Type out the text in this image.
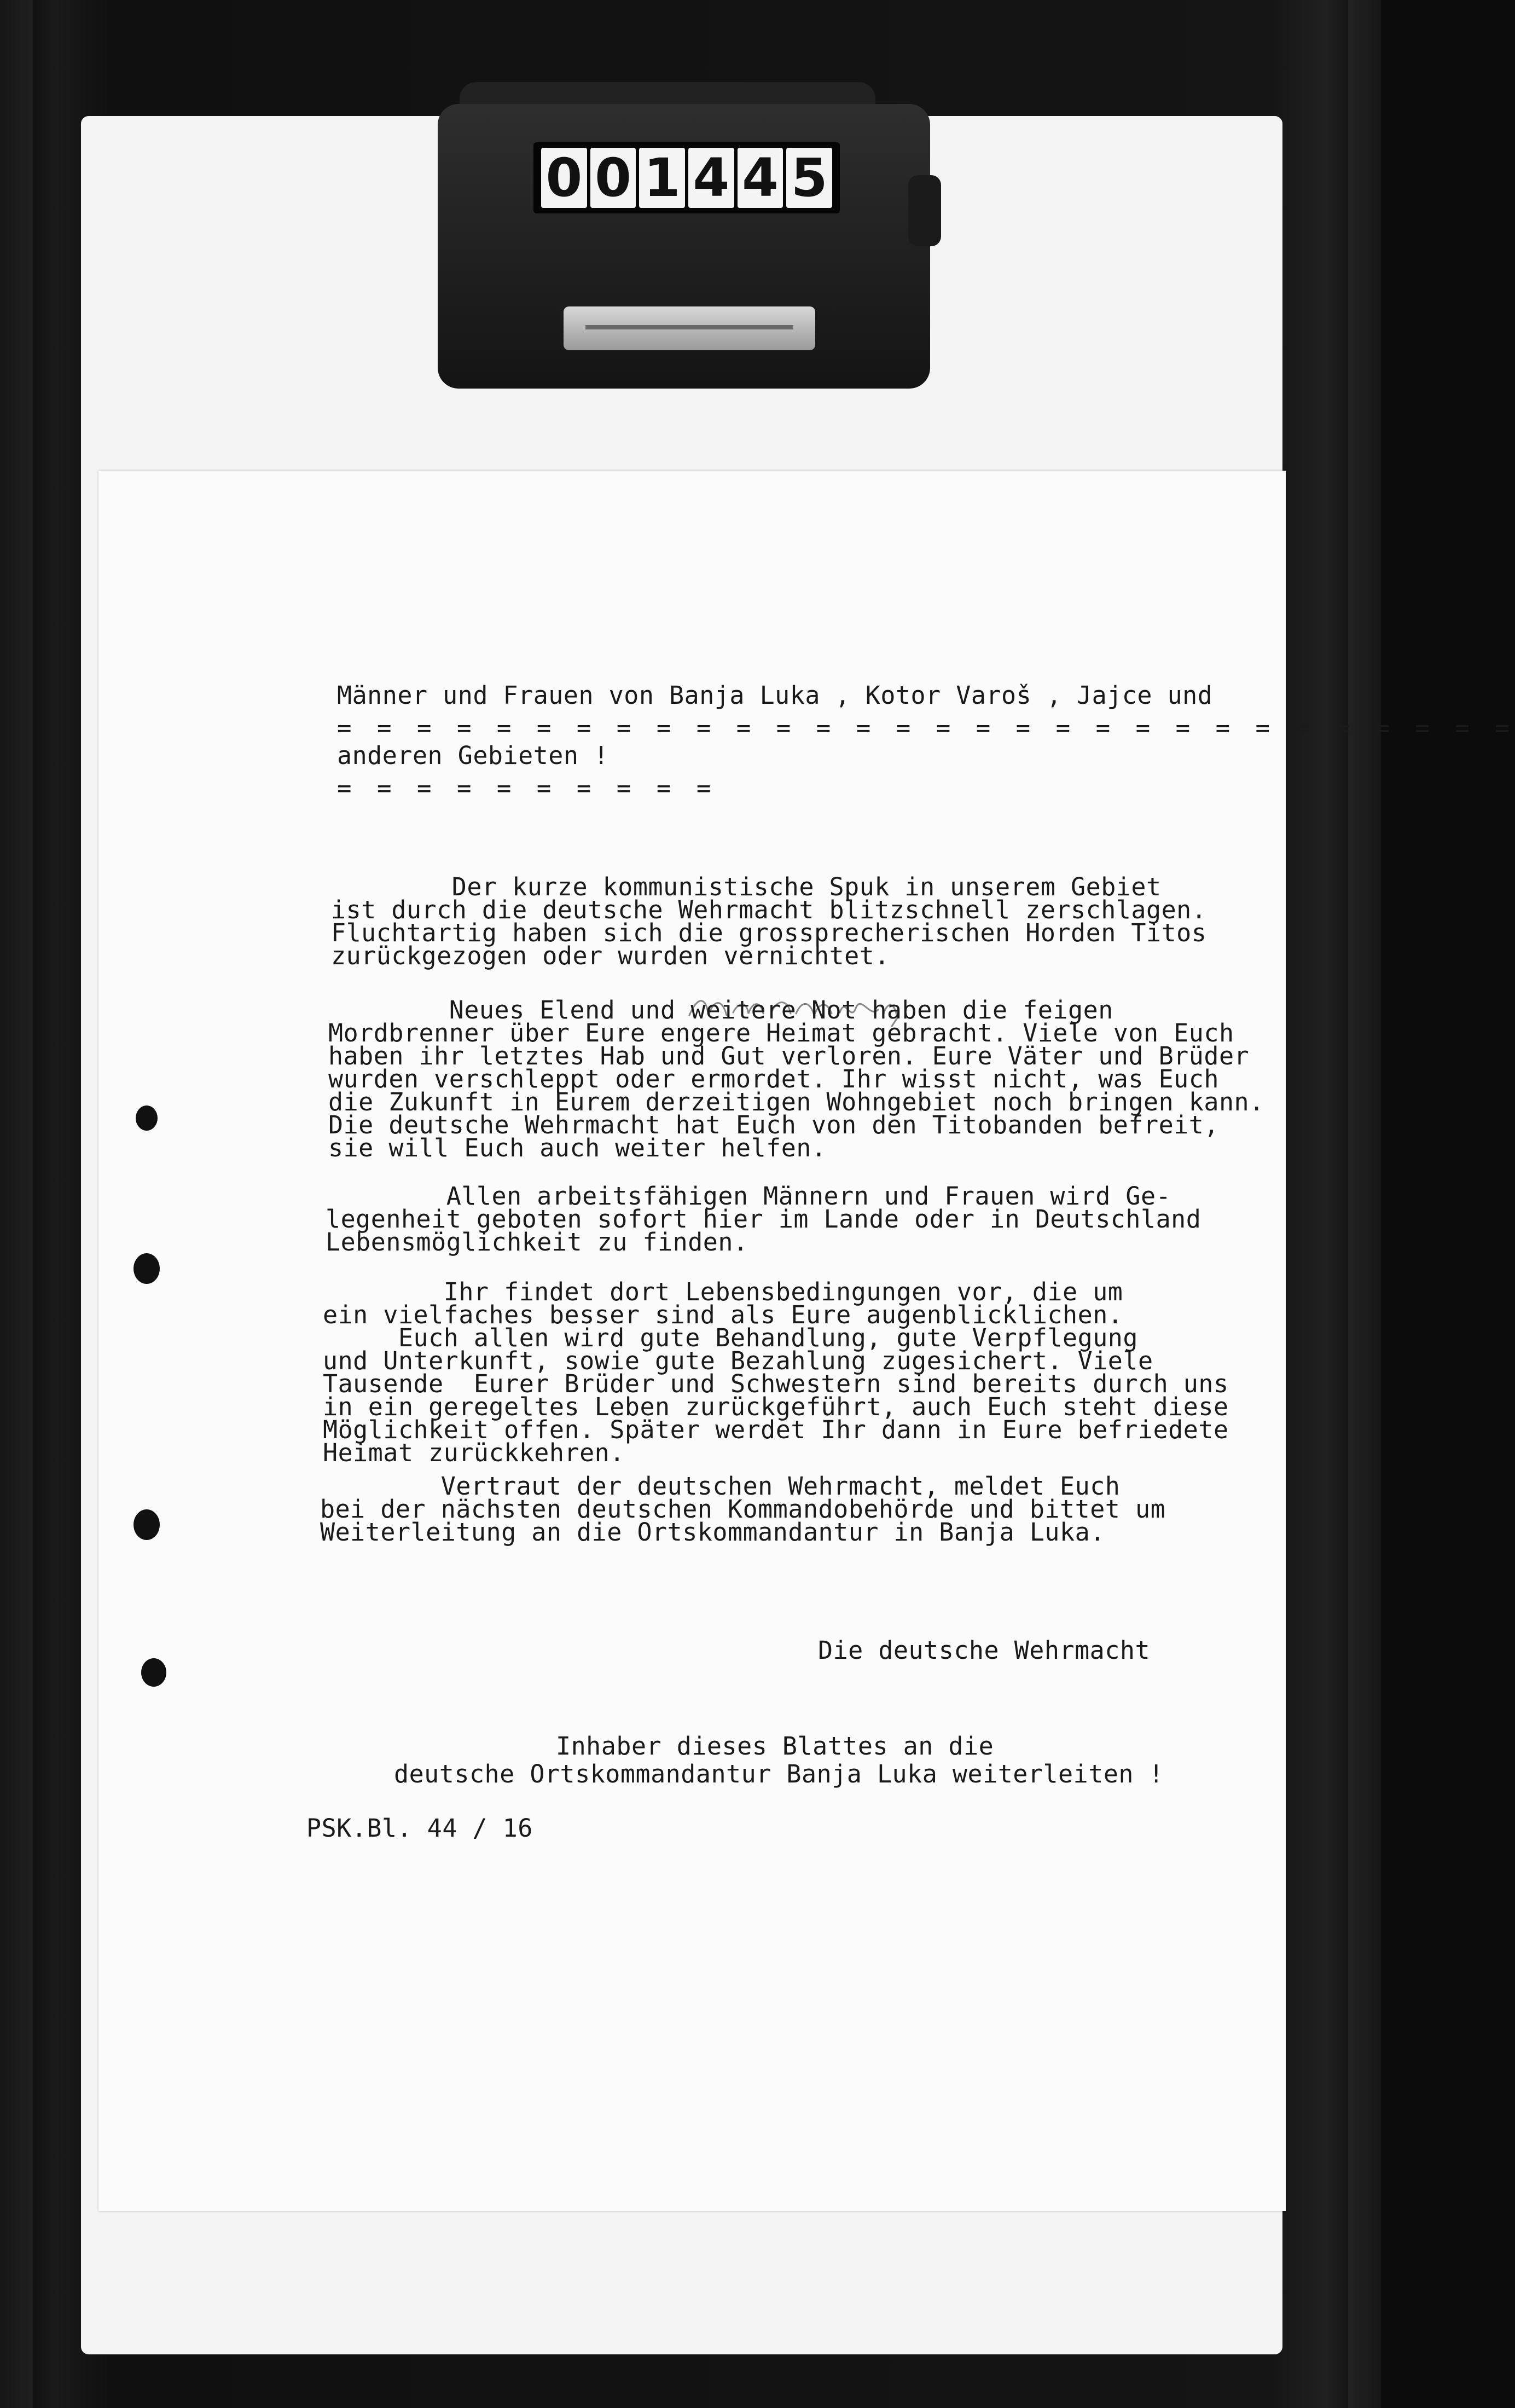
0 0 1 4 4 5
Männer und Frauen von Banja Luka , Kotor Varoš , Jajce und
= = = = = = = = = = = = = = = = = = = = = = = = = = = = = =
anderen Gebieten !
= = = = = = = = = =
Der kurze kommunistische Spuk in unserem Gebiet
ist durch die deutsche Wehrmacht blitzschnell zerschlagen.
Fluchtartig haben sich die grossprecherischen Horden Titos
zurückgezogen oder wurden vernichtet.
Neues Elend und weitere Not haben die feigen
Mordbrenner über Eure engere Heimat gebracht. Viele von Euch
haben ihr letztes Hab und Gut verloren. Eure Väter und Brüder
wurden verschleppt oder ermordet. Ihr wisst nicht, was Euch
die Zukunft in Eurem derzeitigen Wohngebiet noch bringen kann.
Die deutsche Wehrmacht hat Euch von den Titobanden befreit,
sie will Euch auch weiter helfen.
Allen arbeitsfähigen Männern und Frauen wird Ge-
legenheit geboten sofort hier im Lande oder in Deutschland
Lebensmöglichkeit zu finden.
Ihr findet dort Lebensbedingungen vor, die um
ein vielfaches besser sind als Eure augenblicklichen.
Euch allen wird gute Behandlung, gute Verpflegung
und Unterkunft, sowie gute Bezahlung zugesichert. Viele
Tausende  Eurer Brüder und Schwestern sind bereits durch uns
in ein geregeltes Leben zurückgeführt, auch Euch steht diese
Möglichkeit offen. Später werdet Ihr dann in Eure befriedete
Heimat zurückkehren.
Vertraut der deutschen Wehrmacht, meldet Euch
bei der nächsten deutschen Kommandobehörde und bittet um
Weiterleitung an die Ortskommandantur in Banja Luka.
Die deutsche Wehrmacht
Inhaber dieses Blattes an die
deutsche Ortskommandantur Banja Luka weiterleiten !
PSK.Bl. 44 / 16
